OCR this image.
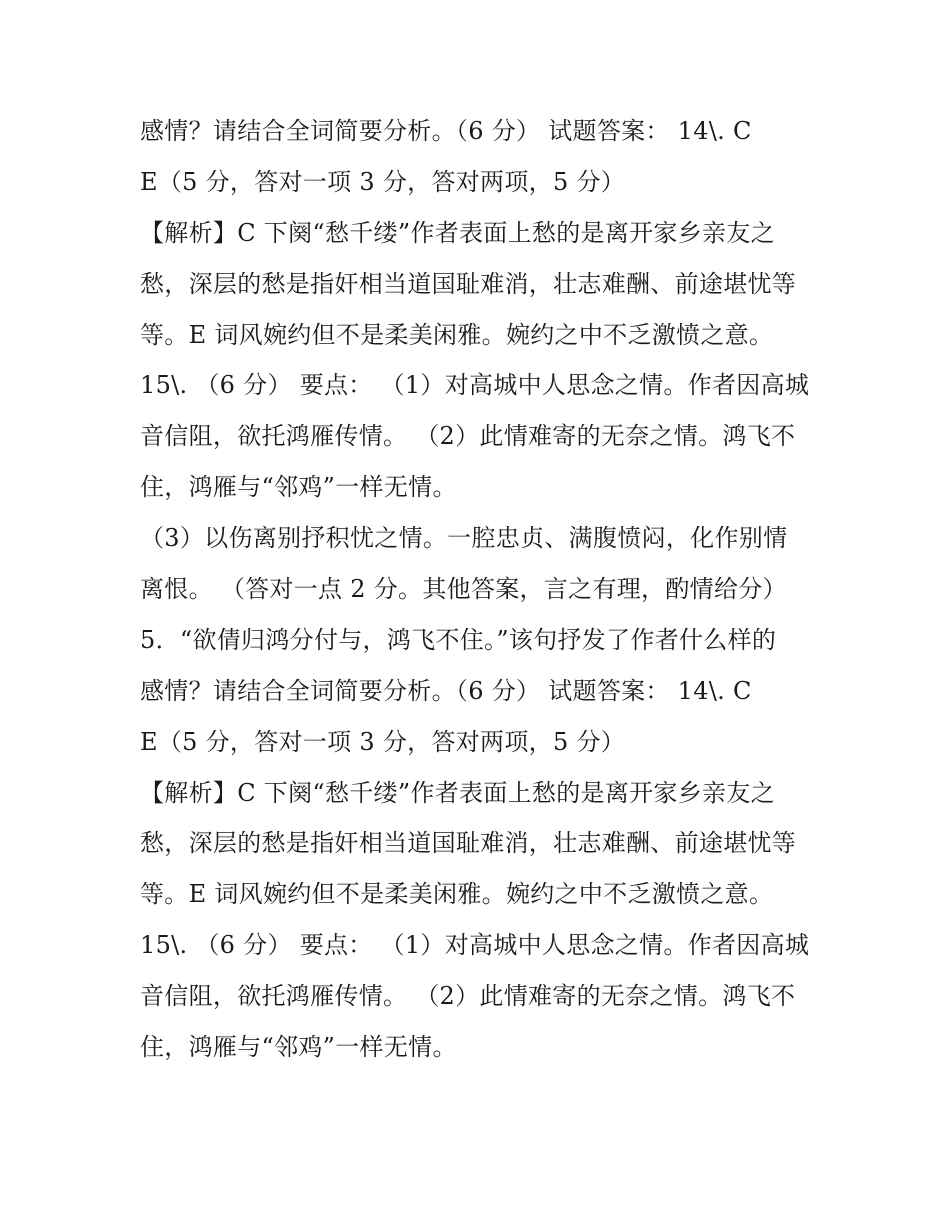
感情？请结合全词简要分析。（6 分） 试题答案： 14\. C
E（5 分，答对一项 3 分，答对两项，5 分）
【解析】C 下阕“愁千缕”作者表面上愁的是离开家乡亲友之
愁，深层的愁是指奸相当道国耻难消，壮志难酬、前途堪忧等
等。E 词风婉约但不是柔美闲雅。婉约之中不乏激愤之意。
15\. （6 分） 要点： （1）对高城中人思念之情。作者因高城
音信阻，欲托鸿雁传情。 （2）此情难寄的无奈之情。鸿飞不
住，鸿雁与“邻鸡”一样无情。
（3）以伤离别抒积忧之情。一腔忠贞、满腹愤闷，化作别情
离恨。 （答对一点 2 分。其他答案，言之有理，酌情给分）
5．“欲倩归鸿分付与，鸿飞不住。”该句抒发了作者什么样的
感情？请结合全词简要分析。（6 分） 试题答案： 14\. C
E（5 分，答对一项 3 分，答对两项，5 分）
【解析】C 下阕“愁千缕”作者表面上愁的是离开家乡亲友之
愁，深层的愁是指奸相当道国耻难消，壮志难酬、前途堪忧等
等。E 词风婉约但不是柔美闲雅。婉约之中不乏激愤之意。
15\. （6 分） 要点： （1）对高城中人思念之情。作者因高城
音信阻，欲托鸿雁传情。 （2）此情难寄的无奈之情。鸿飞不
住，鸿雁与“邻鸡”一样无情。
